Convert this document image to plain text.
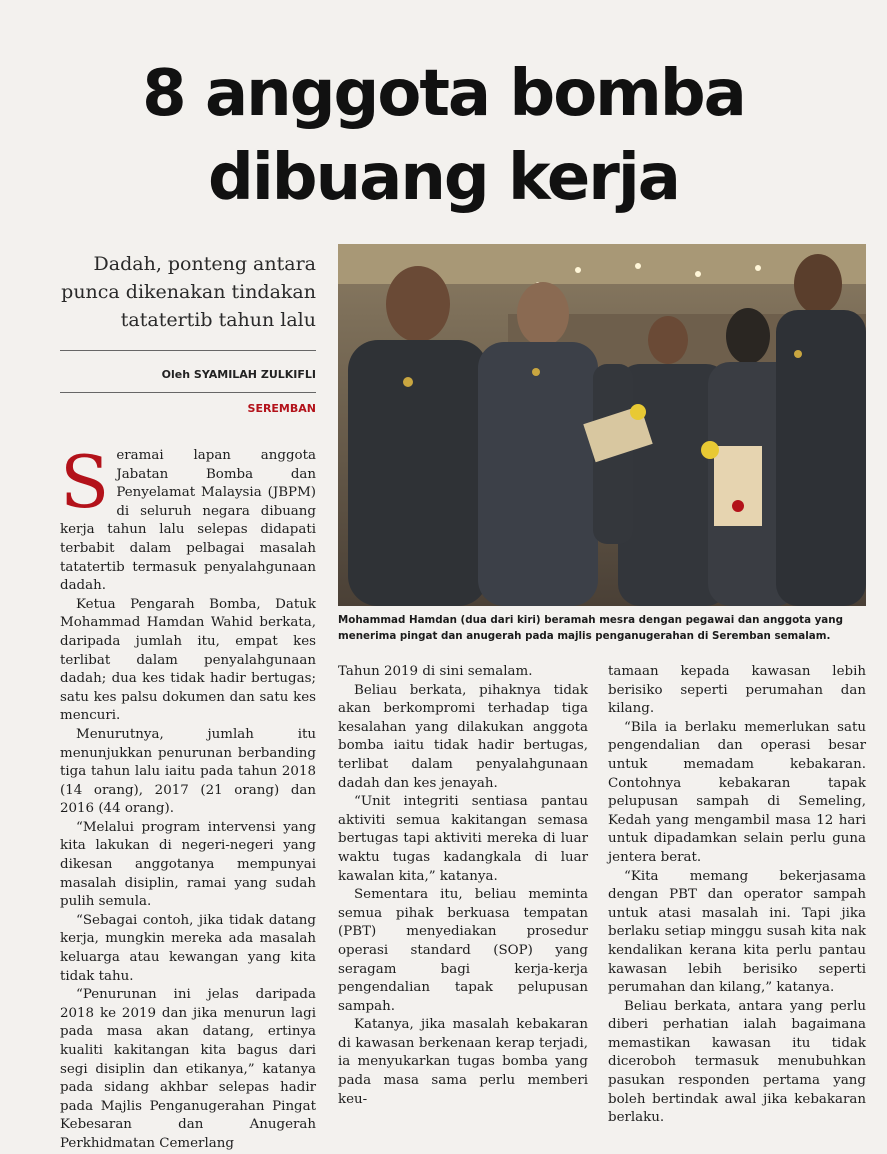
8 anggota bomba
dibuang kerja
Dadah, ponteng antara punca dikenakan tindakan tatatertib tahun lalu
Oleh SYAMILAH ZULKIFLI
SEREMBAN
Mohammad Hamdan (dua dari kiri) beramah mesra dengan pegawai dan anggota yang menerima pingat dan anugerah pada majlis penganugerahan di Seremban semalam.
S eramai lapan anggota Jabatan Bomba dan Penyelamat Malaysia (JBPM) di seluruh negara dibuang kerja tahun lalu selepas didapati terbabit dalam pelbagai masalah tatatertib termasuk penyalahgunaan dadah.

Ketua Pengarah Bomba, Datuk Mohammad Hamdan Wahid berkata, daripada jumlah itu, empat kes terlibat dalam penyalahgunaan dadah; dua kes tidak hadir bertugas; satu kes palsu dokumen dan satu kes mencuri.

Menurutnya, jumlah itu menunjukkan penurunan berbanding tiga tahun lalu iaitu pada tahun 2018 (14 orang), 2017 (21 orang) dan 2016 (44 orang).

“Melalui program intervensi yang kita lakukan di negeri-negeri yang dikesan anggotanya mempunyai masalah disiplin, ramai yang sudah pulih semula.

“Sebagai contoh, jika tidak datang kerja, mungkin mereka ada masalah keluarga atau kewangan yang kita tidak tahu.

“Penurunan ini jelas daripada 2018 ke 2019 dan jika menurun lagi pada masa akan datang, ertinya kualiti kakitangan kita bagus dari segi disiplin dan etikanya,” katanya pada sidang akhbar selepas hadir pada Majlis Penganugerahan Pingat Kebesaran dan Anugerah Perkhidmatan Cemerlang

Tahun 2019 di sini semalam.

Beliau berkata, pihaknya tidak akan berkompromi terhadap tiga kesalahan yang dilakukan anggota bomba iaitu tidak hadir bertugas, terlibat dalam penyalahgunaan dadah dan kes jenayah.

“Unit integriti sentiasa pantau aktiviti semua kakitangan semasa bertugas tapi aktiviti mereka di luar waktu tugas kadangkala di luar kawalan kita,” katanya.

Sementara itu, beliau meminta semua pihak berkuasa tempatan (PBT) menyediakan prosedur operasi standard (SOP) yang seragam bagi kerja-kerja pengendalian tapak pelupusan sampah.

Katanya, jika masalah kebakaran di kawasan berkenaan kerap terjadi, ia menyukarkan tugas bomba yang pada masa sama perlu memberi keu-

tamaan kepada kawasan lebih berisiko seperti perumahan dan kilang.

“Bila ia berlaku memerlukan satu pengendalian dan operasi besar untuk memadam kebakaran. Contohnya kebakaran tapak pelupusan sampah di Semeling, Kedah yang mengambil masa 12 hari untuk dipadamkan selain perlu guna jentera berat.

“Kita memang bekerjasama dengan PBT dan operator sampah untuk atasi masalah ini. Tapi jika berlaku setiap minggu susah kita nak kendalikan kerana kita perlu pantau kawasan lebih berisiko seperti perumahan dan kilang,” katanya.

Beliau berkata, antara yang perlu diberi perhatian ialah bagaimana memastikan kawasan itu tidak diceroboh termasuk menubuhkan pasukan responden pertama yang boleh bertindak awal jika kebakaran berlaku.
